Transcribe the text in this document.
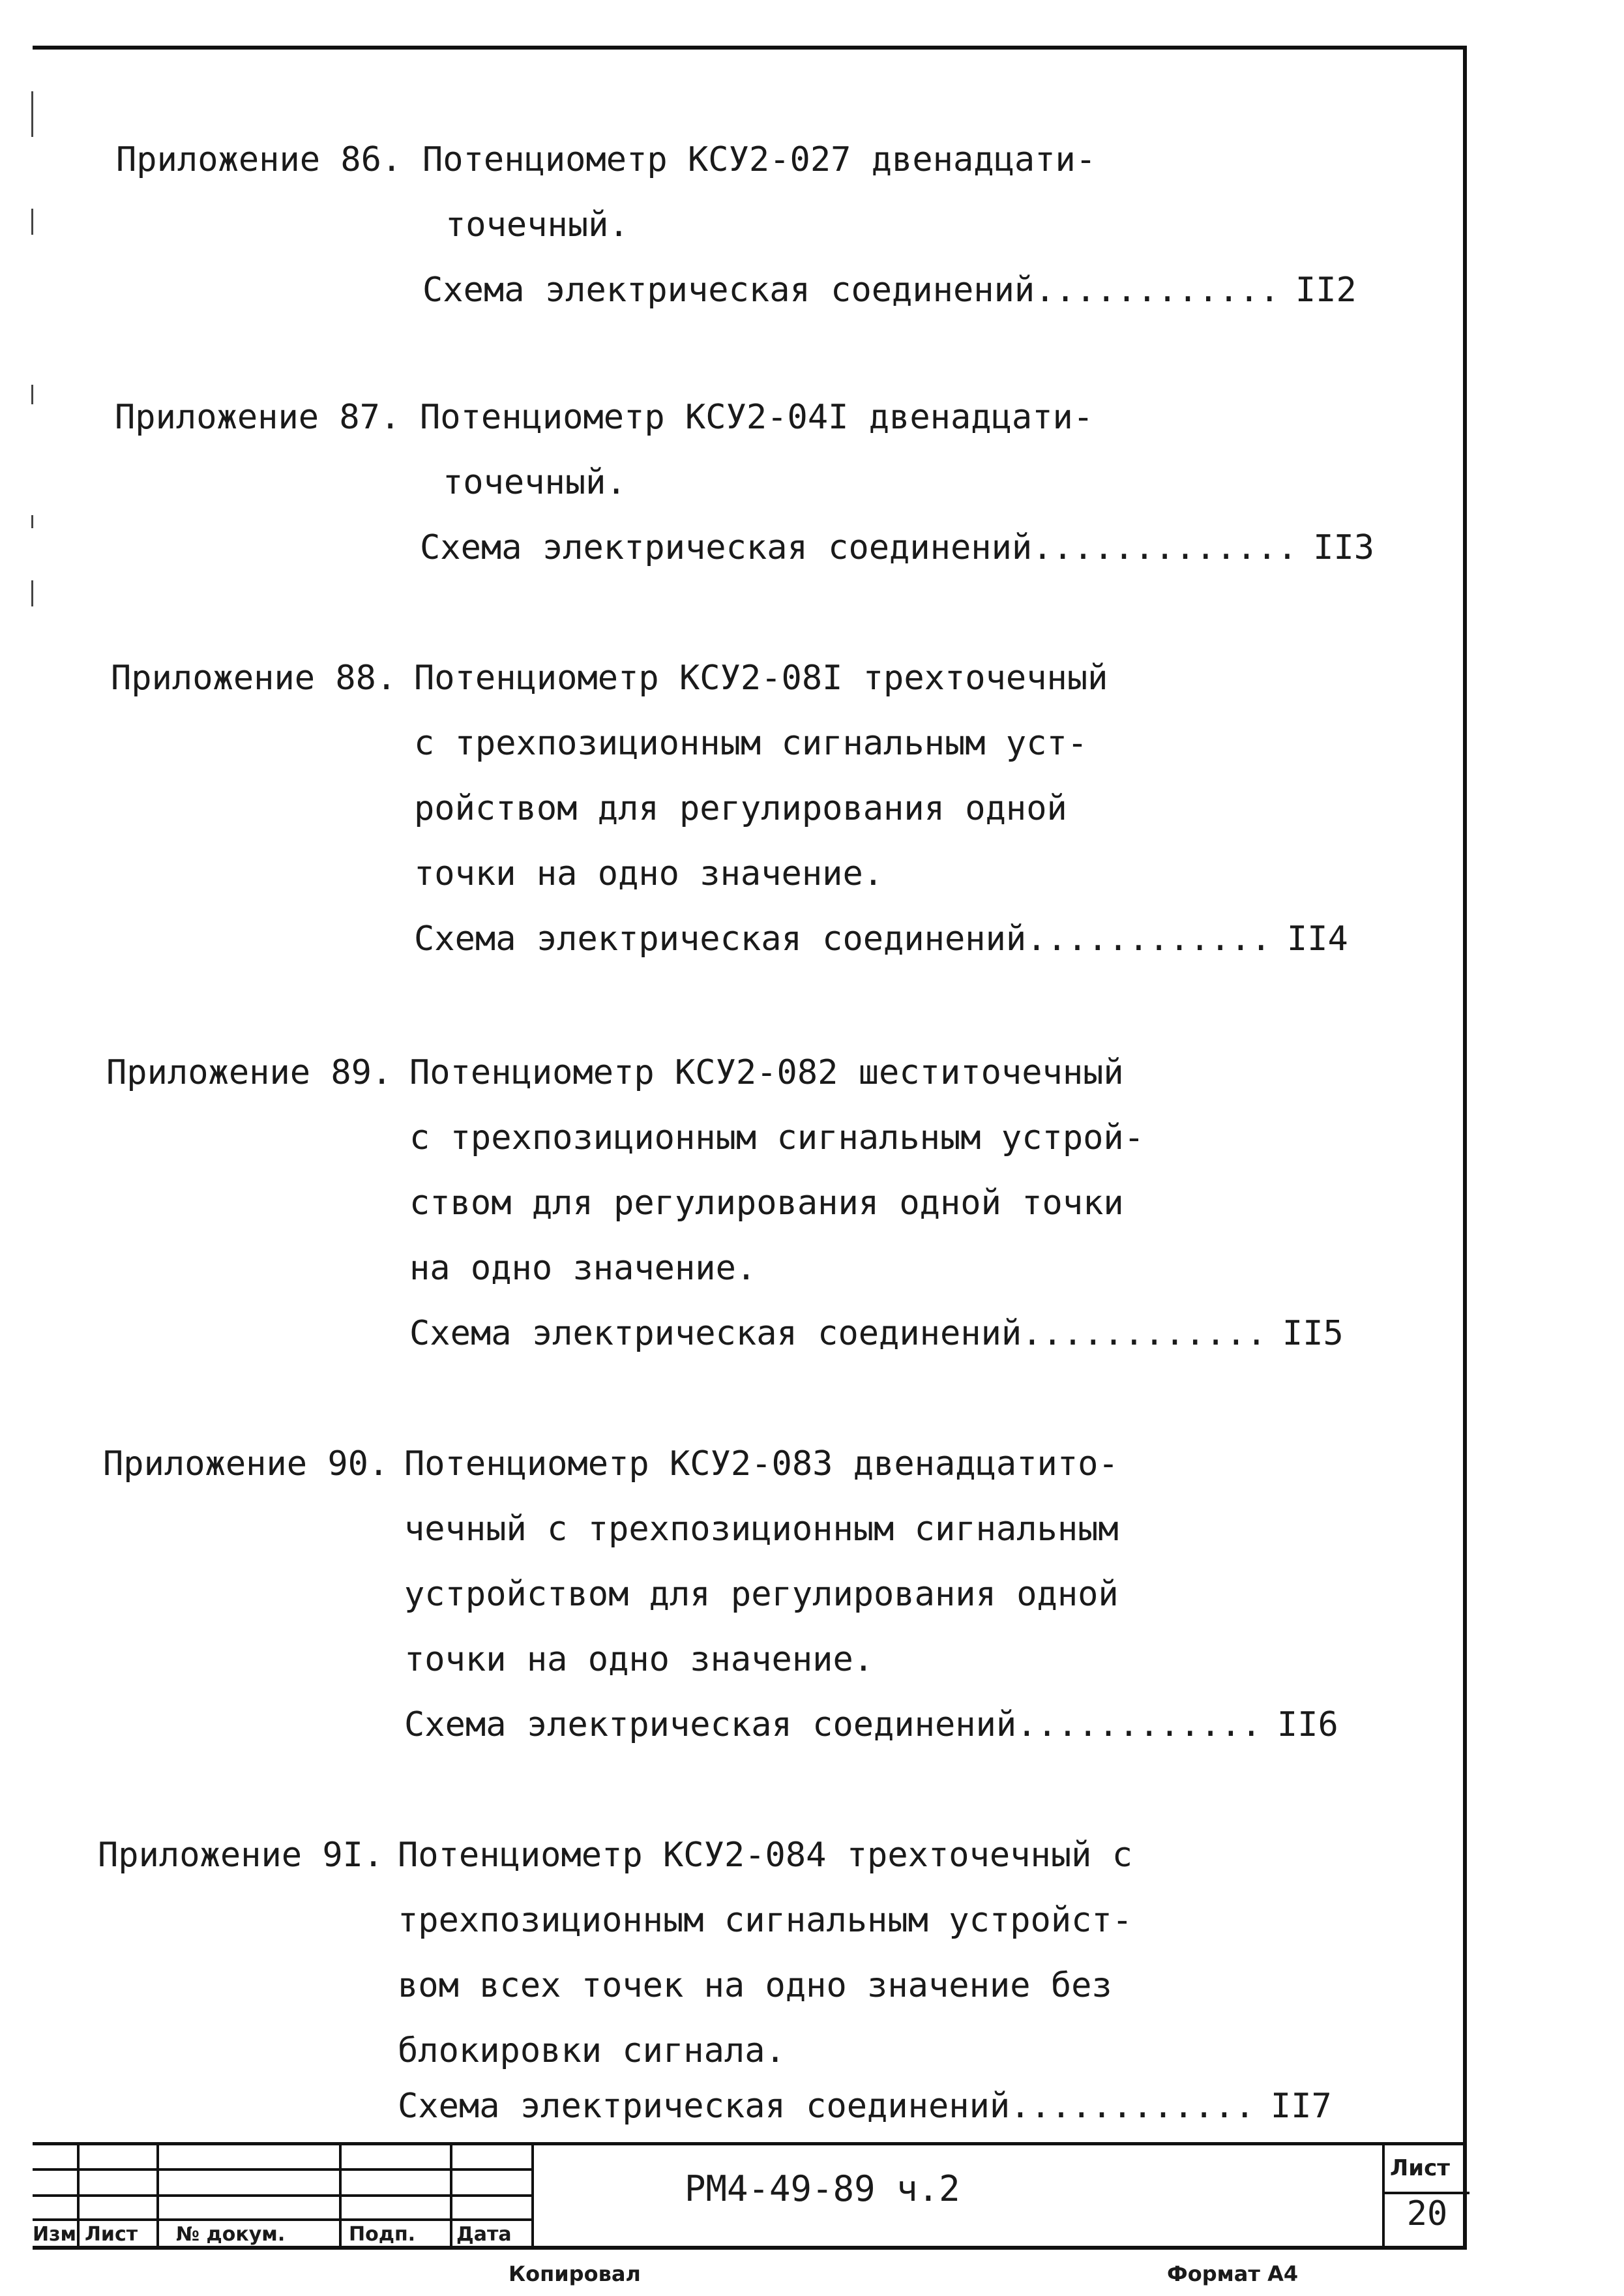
Приложение 86. Потенциометр КСУ2-027 двенадцати-
точечный.
Схема электрическая соединений............ II2
Приложение 87. Потенциометр КСУ2-04I двенадцати-
точечный.
Схема электрическая соединений............. II3
Приложение 88. Потенциометр КСУ2-08I трехточечный
с трехпозиционным сигнальным уст-
ройством для регулирования одной
точки на одно значение.
Схема электрическая соединений............ II4
Приложение 89. Потенциометр КСУ2-082 шеститочечный
с трехпозиционным сигнальным устрой-
ством для регулирования одной точки
на одно значение.
Схема электрическая соединений............ II5
Приложение 90. Потенциометр КСУ2-083 двенадцатито-
чечный с трехпозиционным сигнальным
устройством для регулирования одной
точки на одно значение.
Схема электрическая соединений............ II6
Приложение 9I. Потенциометр КСУ2-084 трехточечный с
трехпозиционным сигнальным устройст-
вом всех точек на одно значение без
блокировки сигнала.
Схема электрическая соединений............ II7
Изм Лист № докум.	Подп. Дата
РМ4-49-89 ч.2	Лист
20
Копировал	Формат А4
